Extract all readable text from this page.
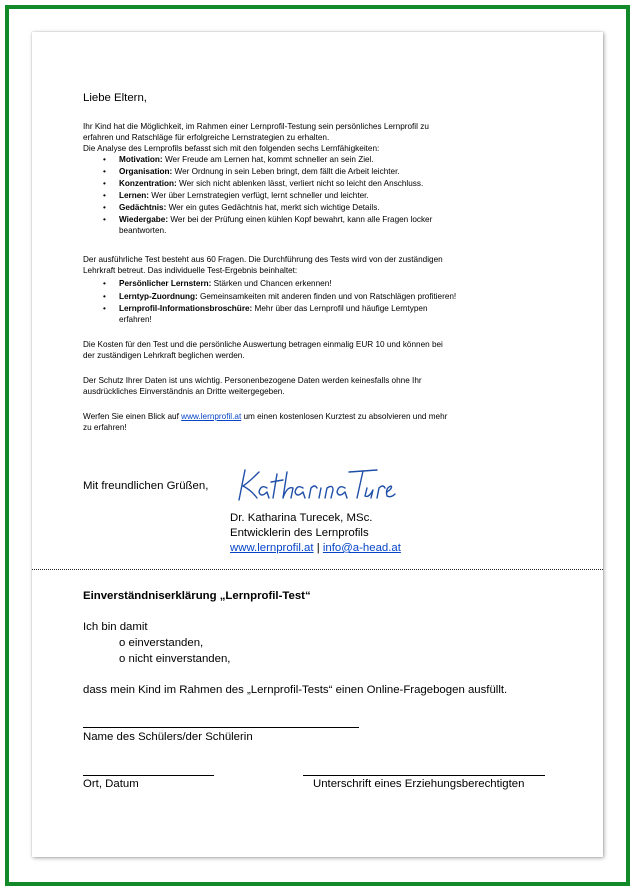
Liebe Eltern,
Ihr Kind hat die Möglichkeit, im Rahmen einer Lernprofil-Testung sein persönliches Lernprofil zu
erfahren und Ratschläge für erfolgreiche Lernstrategien zu erhalten.
Die Analyse des Lernprofils befasst sich mit den folgenden sechs Lernfähigkeiten:
• Motivation: Wer Freude am Lernen hat, kommt schneller an sein Ziel.
• Organisation: Wer Ordnung in sein Leben bringt, dem fällt die Arbeit leichter.
• Konzentration: Wer sich nicht ablenken lässt, verliert nicht so leicht den Anschluss.
• Lernen: Wer über Lernstrategien verfügt, lernt schneller und leichter.
• Gedächtnis: Wer ein gutes Gedächtnis hat, merkt sich wichtige Details.
• Wiedergabe: Wer bei der Prüfung einen kühlen Kopf bewahrt, kann alle Fragen locker
beantworten.
Der ausführliche Test besteht aus 60 Fragen. Die Durchführung des Tests wird von der zuständigen
Lehrkraft betreut. Das individuelle Test-Ergebnis beinhaltet:
• Persönlicher Lernstern: Stärken und Chancen erkennen!
• Lerntyp-Zuordnung: Gemeinsamkeiten mit anderen finden und von Ratschlägen profitieren!
• Lernprofil-Informationsbroschüre: Mehr über das Lernprofil und häufige Lerntypen
erfahren!
Die Kosten für den Test und die persönliche Auswertung betragen einmalig EUR 10 und können bei
der zuständigen Lehrkraft beglichen werden.
Der Schutz Ihrer Daten ist uns wichtig. Personenbezogene Daten werden keinesfalls ohne Ihr
ausdrückliches Einverständnis an Dritte weitergegeben.
Werfen Sie einen Blick auf www.lernprofil.at um einen kostenlosen Kurztest zu absolvieren und mehr
zu erfahren!
Mit freundlichen Grüßen,
Dr. Katharina Turecek, MSc.
Entwicklerin des Lernprofils
www.lernprofil.at | info@a-head.at
Einverständniserklärung „Lernprofil-Test“
Ich bin damit
o einverstanden,
o nicht einverstanden,
dass mein Kind im Rahmen des „Lernprofil-Tests“ einen Online-Fragebogen ausfüllt.
Name des Schülers/der Schülerin
Ort, Datum	Unterschrift eines Erziehungsberechtigten
